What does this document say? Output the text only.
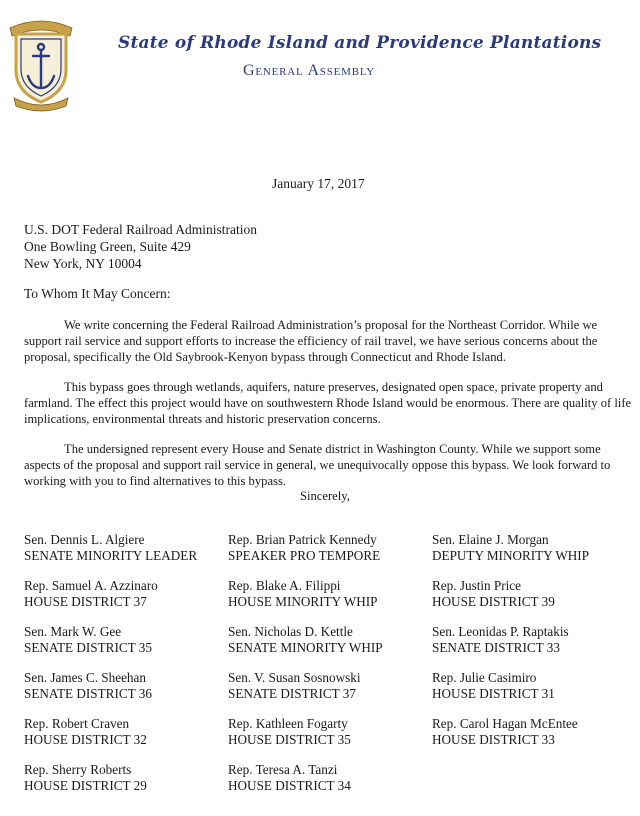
State of Rhode Island and Providence Plantations
General Assembly
January 17, 2017
U.S. DOT Federal Railroad Administration
One Bowling Green, Suite 429
New York, NY 10004
To Whom It May Concern:

We write concerning the Federal Railroad Administration’s proposal for the Northeast Corridor. While we support rail service and support efforts to increase the efficiency of rail travel, we have serious concerns about the proposal, specifically the Old Saybrook-Kenyon bypass through Connecticut and Rhode Island.

This bypass goes through wetlands, aquifers, nature preserves, designated open space, private property and farmland. The effect this project would have on southwestern Rhode Island would be enormous. There are quality of life implications, environmental threats and historic preservation concerns.

The undersigned represent every House and Senate district in Washington County. While we support some aspects of the proposal and support rail service in general, we unequivocally oppose this bypass. We look forward to working with you to find alternatives to this bypass.

Sincerely,
Sen. Dennis L. Algiere
SENATE MINORITY LEADER
Rep. Brian Patrick Kennedy
SPEAKER PRO TEMPORE
Sen. Elaine J. Morgan
DEPUTY MINORITY WHIP
Rep. Samuel A. Azzinaro
HOUSE DISTRICT 37
Rep. Blake A. Filippi
HOUSE MINORITY WHIP
Rep. Justin Price
HOUSE DISTRICT 39
Sen. Mark W. Gee
SENATE DISTRICT 35
Sen. Nicholas D. Kettle
SENATE MINORITY WHIP
Sen. Leonidas P. Raptakis
SENATE DISTRICT 33
Sen. James C. Sheehan
SENATE DISTRICT 36
Sen. V. Susan Sosnowski
SENATE DISTRICT 37
Rep. Julie Casimiro
HOUSE DISTRICT 31
Rep. Robert Craven
HOUSE DISTRICT 32
Rep. Kathleen Fogarty
HOUSE DISTRICT 35
Rep. Carol Hagan McEntee
HOUSE DISTRICT 33
Rep. Sherry Roberts
HOUSE DISTRICT 29
Rep. Teresa A. Tanzi
HOUSE DISTRICT 34
